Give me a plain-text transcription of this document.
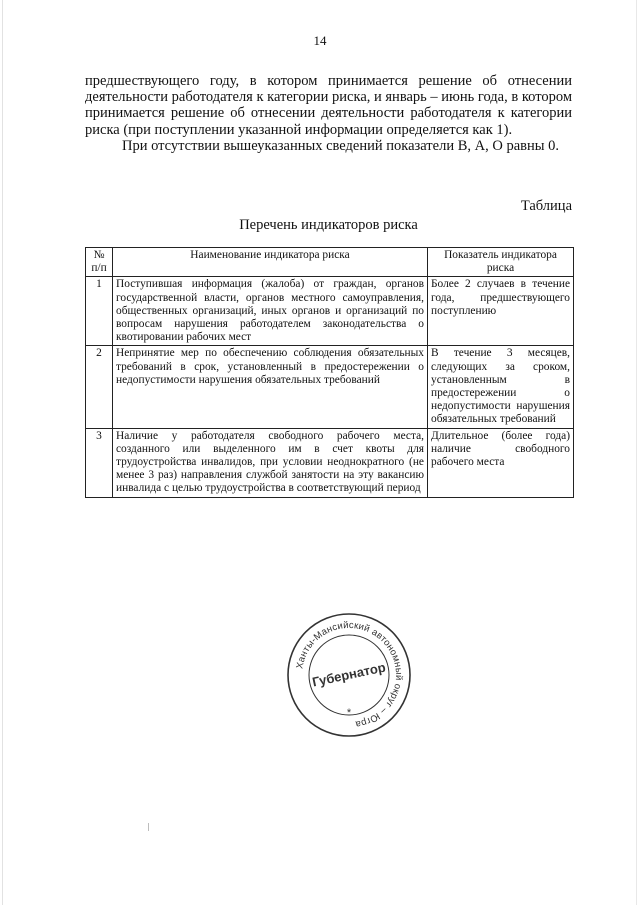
14

предшествующего году, в котором принимается решение об отнесении деятельности работодателя к категории риска, и январь – июнь года, в котором принимается решение об отнесении деятельности работодателя к категории риска (при поступлении указанной информации определяется как 1).

При отсутствии вышеуказанных сведений показатели В, А, О равны 0.

Таблица
Перечень индикаторов риска
№ п/п	Наименование индикатора риска	Показатель индикатора риска
1	Поступившая информация (жалоба) от граждан, органов государственной власти, органов местного самоуправления, общественных организаций, иных органов и организаций по вопросам нарушения работодателем законодательства о квотировании рабочих мест	Более 2 случаев в течение года, предшествующего поступлению
2	Непринятие мер по обеспечению соблюдения обязательных требований в срок, установленный в предостережении о недопустимости нарушения обязательных требований	В течение 3 месяцев, следующих за сроком, установленным в предостережении о недопустимости нарушения обязательных требований
3	Наличие у работодателя свободного рабочего места, созданного или выделенного им в счет квоты для трудоустройства инвалидов, при условии неоднократного (не менее 3 раз) направления службой занятости на эту вакансию инвалида с целью трудоустройства в соответствующий период	Длительное (более года) наличие свободного рабочего места
Ханты-Мансийский автономный округ – Югра
Губернатор
*
